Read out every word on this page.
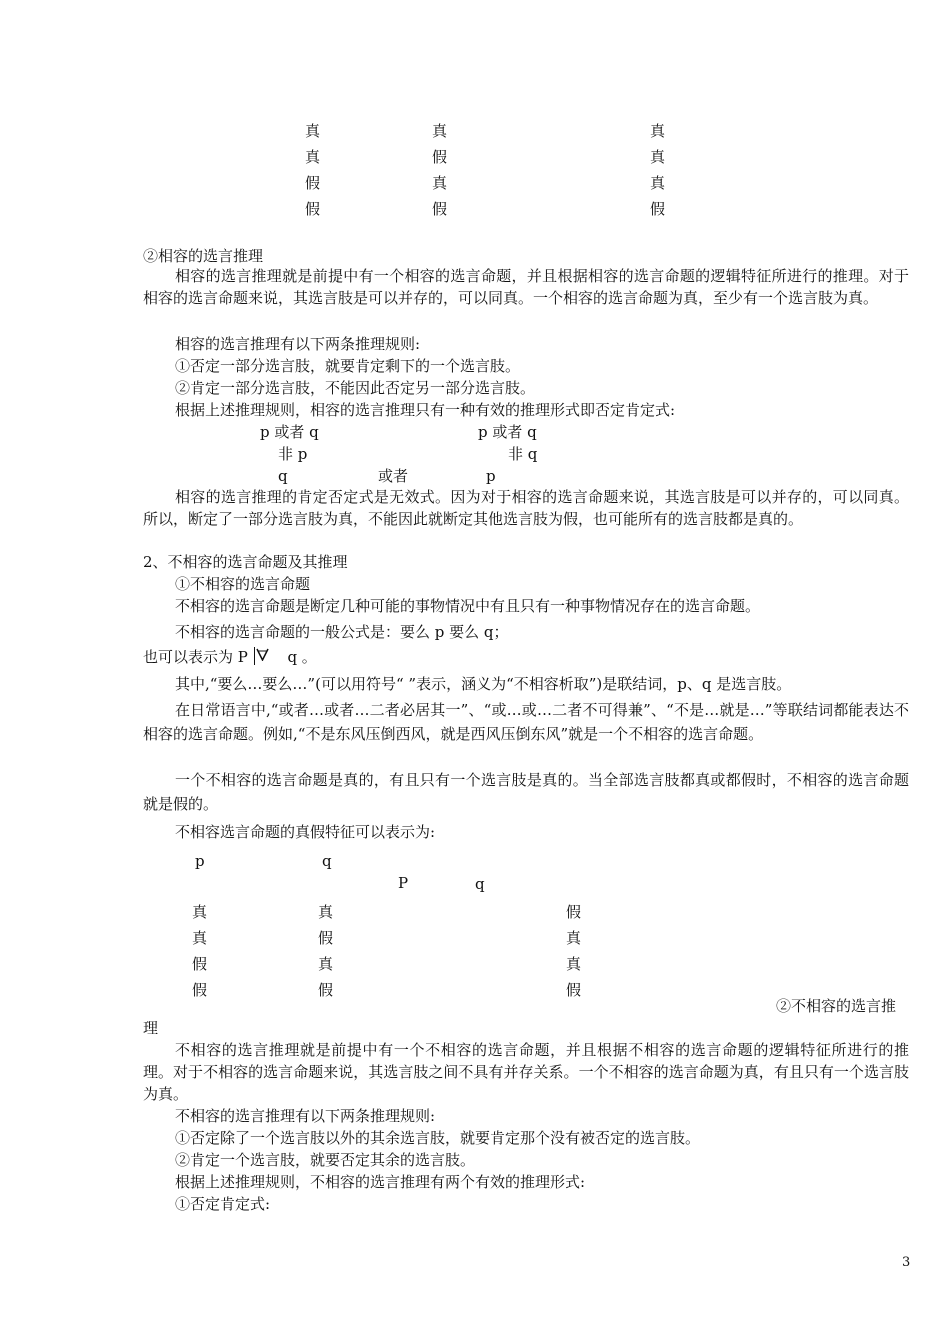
真	真	真
真	假	真
假	真	真
假	假	假
②相容的选言推理
相容的选言推理就是前提中有一个相容的选言命题，并且根据相容的选言命题的逻辑特征所进行的推理。对于相容的选言命题来说，其选言肢是可以并存的，可以同真。一个相容的选言命题为真，至少有一个选言肢为真。
相容的选言推理有以下两条推理规则:
①否定一部分选言肢，就要肯定剩下的一个选言肢。
②肯定一部分选言肢，不能因此否定另一部分选言肢。
根据上述推理规则，相容的选言推理只有一种有效的推理形式即否定肯定式:
p 或者 q	p 或者 q
非 p	非 q
q	或者	p
相容的选言推理的肯定否定式是无效式。因为对于相容的选言命题来说，其选言肢是可以并存的，可以同真。所以，断定了一部分选言肢为真，不能因此就断定其他选言肢为假，也可能所有的选言肢都是真的。
2、不相容的选言命题及其推理
①不相容的选言命题
不相容的选言命题是断定几种可能的事物情况中有且只有一种事物情况存在的选言命题。
不相容的选言命题的一般公式是：要么 p 要么 q；
也可以表示为 P	q 。
其中,“要么…要么…”(可以用符号“ ”表示，涵义为“不相容析取”)是联结词，p、q 是选言肢。
在日常语言中,“或者…或者…二者必居其一”、“或…或…二者不可得兼”、“不是…就是…”等联结词都能表达不相容的选言命题。例如,“不是东风压倒西风，就是西风压倒东风”就是一个不相容的选言命题。
一个不相容的选言命题是真的，有且只有一个选言肢是真的。当全部选言肢都真或都假时，不相容的选言命题就是假的。
不相容选言命题的真假特征可以表示为:
p	q
P	q
真	真	假
真	假	真
假	真	真
假	假	假
②不相容的选言推
理
不相容的选言推理就是前提中有一个不相容的选言命题，并且根据不相容的选言命题的逻辑特征所进行的推理。对于不相容的选言命题来说，其选言肢之间不具有并存关系。一个不相容的选言命题为真，有且只有一个选言肢为真。
不相容的选言推理有以下两条推理规则:
①否定除了一个选言肢以外的其余选言肢，就要肯定那个没有被否定的选言肢。
②肯定一个选言肢，就要否定其余的选言肢。
根据上述推理规则，不相容的选言推理有两个有效的推理形式:
①否定肯定式:
3
